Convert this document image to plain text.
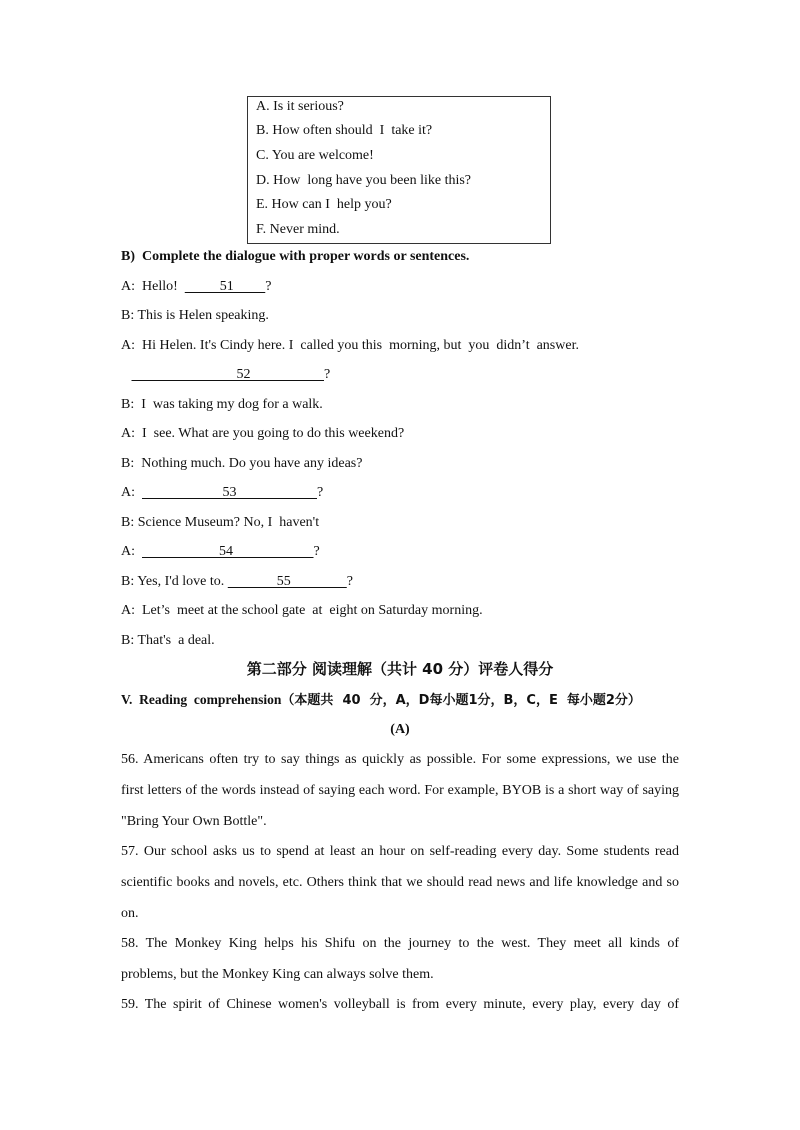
A. Is it serious?
B. How often should  I  take it?
C. You are welcome!
D. How  long have you been like this?
E. How can I  help you?
F. Never mind.
B)  Complete the dialogue with proper words or sentences.
A:  Hello!            51         ?
B: This is Helen speaking.
A:  Hi Helen. It's Cindy here. I  called you this  morning, but  you  didn’t  answer.
52                     ?
B:  I  was taking my dog for a walk.
A:  I  see. What are you going to do this weekend?
B:  Nothing much. Do you have any ideas?
A:                         53                       ?
B: Science Museum? No, I  haven't
A:                        54                       ?
B: Yes, I'd love to.               55                ?
A:  Let’s  meet at the school gate  at  eight on Saturday morning.
B: That's  a deal.
第二部分 阅读理解（共计 40 分）评卷人得分
V.  Reading  comprehension（本题共  40  分，A，D每小题1分，B，C，E  每小题2分）
(A)
56. Americans often try to say things as quickly as possible. For some expressions, we use the
first letters of the words instead of saying each word. For example, BYOB is a short way of saying
"Bring Your Own Bottle".
57. Our school asks us to spend at least an hour on self-reading every day. Some students read
scientific books and novels, etc. Others think that we should read news and life knowledge and so
on.
58. The Monkey King helps his Shifu on the journey to the west. They meet all kinds of
problems, but the Monkey King can always solve them.
59. The spirit of Chinese women's volleyball is from every minute, every play, every day of
